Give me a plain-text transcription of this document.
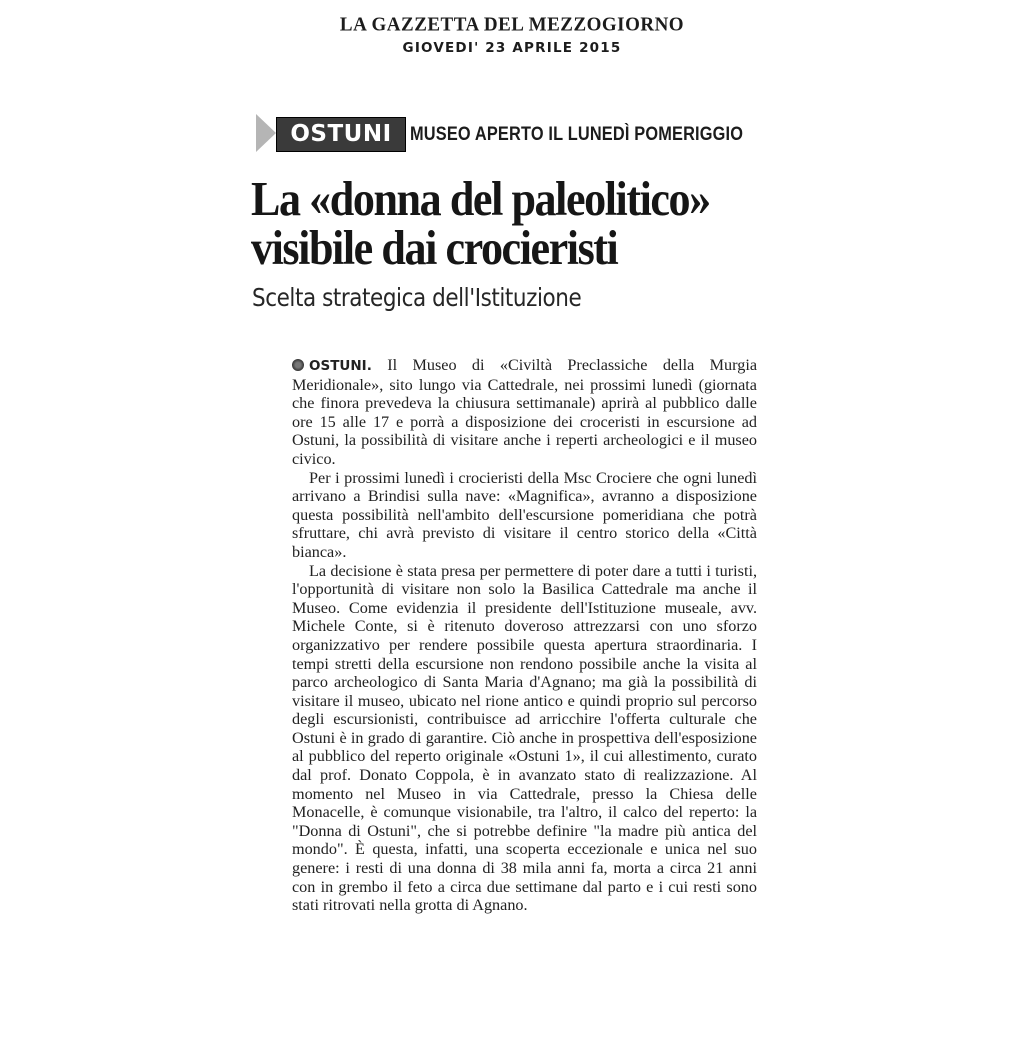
LA GAZZETTA DEL MEZZOGIORNO
GIOVEDI' 23 APRILE 2015
OSTUNI MUSEO APERTO IL LUNEDÌ POMERIGGIO
La «donna del paleolitico»
visibile dai crocieristi
Scelta strategica dell'Istituzione

OSTUNI. Il Museo di «Civiltà Preclassiche della Murgia Meridionale», sito lungo via Cattedrale, nei prossimi lunedì (giornata che finora prevedeva la chiusura settimanale) aprirà al pubblico dalle ore 15 alle 17 e porrà a disposizione dei croceristi in escursione ad Ostuni, la possibilità di visitare anche i reperti archeologici e il museo civico.

Per i prossimi lunedì i crocieristi della Msc Crociere che ogni lunedì arrivano a Brindisi sulla nave: «Magnifica», avranno a disposizione questa possibilità nell'ambito dell'escursione pomeridiana che potrà sfruttare, chi avrà previsto di visitare il centro storico della «Città bianca».

La decisione è stata presa per permettere di poter dare a tutti i turisti, l'opportunità di visitare non solo la Basilica Cattedrale ma anche il Museo. Come evidenzia il presidente dell'Istituzione museale, avv. Michele Conte, si è ritenuto doveroso attrezzarsi con uno sforzo organizzativo per rendere possibile questa apertura straordinaria. I tempi stretti della escursione non rendono possibile anche la visita al parco archeologico di Santa Maria d'Agnano; ma già la possibilità di visitare il museo, ubicato nel rione antico e quindi proprio sul percorso degli escursionisti, contribuisce ad arricchire l'offerta culturale che Ostuni è in grado di garantire. Ciò anche in prospettiva dell'esposizione al pubblico del reperto originale «Ostuni 1», il cui allestimento, curato dal prof. Donato Coppola, è in avanzato stato di realizzazione. Al momento nel Museo in via Cattedrale, presso la Chiesa delle Monacelle, è comunque visionabile, tra l'altro, il calco del reperto: la "Donna di Ostuni", che si potrebbe definire "la madre più antica del mondo". È questa, infatti, una scoperta eccezionale e unica nel suo genere: i resti di una donna di 38 mila anni fa, morta a circa 21 anni con in grembo il feto a circa due settimane dal parto e i cui resti sono stati ritrovati nella grotta di Agnano.
